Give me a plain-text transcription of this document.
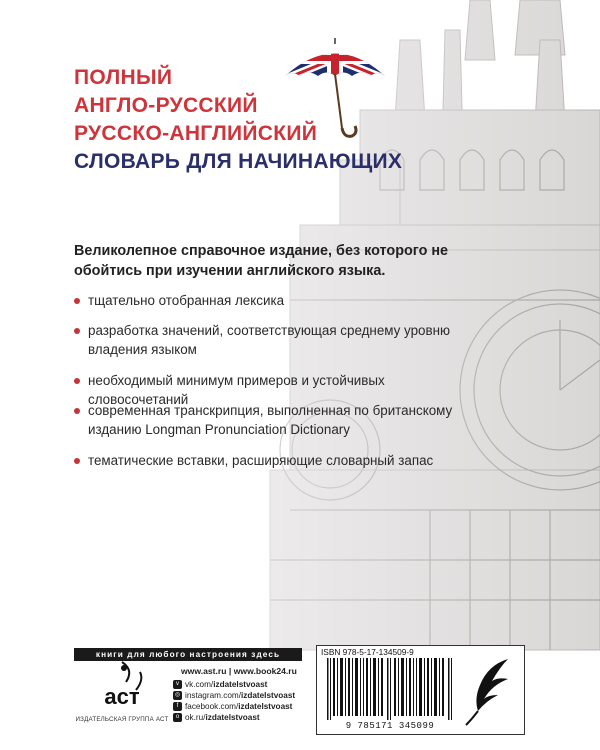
ПОЛНЫЙ
АНГЛО-РУССКИЙ
РУССКО-АНГЛИЙСКИЙ
СЛОВАРЬ ДЛЯ НАЧИНАЮЩИХ
Великолепное справочное издание, без которого не обойтись при изучении английского языка.
тщательно отобранная лексика
разработка значений, соответствующая среднему уровню владения языком
необходимый минимум примеров и устойчивых словосочетаний
современная транскрипция, выполненная по британскому изданию Longman Pronunciation Dictionary
тематические вставки, расширяющие словарный запас
книги для любого настроения здесь
аст
ИЗДАТЕЛЬСКАЯ ГРУППА АСТ
www.ast.ru | www.book24.ru
v vk.com/izdatelstvoast
◎ instagram.com/izdatelstvoast
f facebook.com/izdatelstvoast
o ok.ru/izdatelstvoast
ISBN 978-5-17-134509-9
9 785171 345099
